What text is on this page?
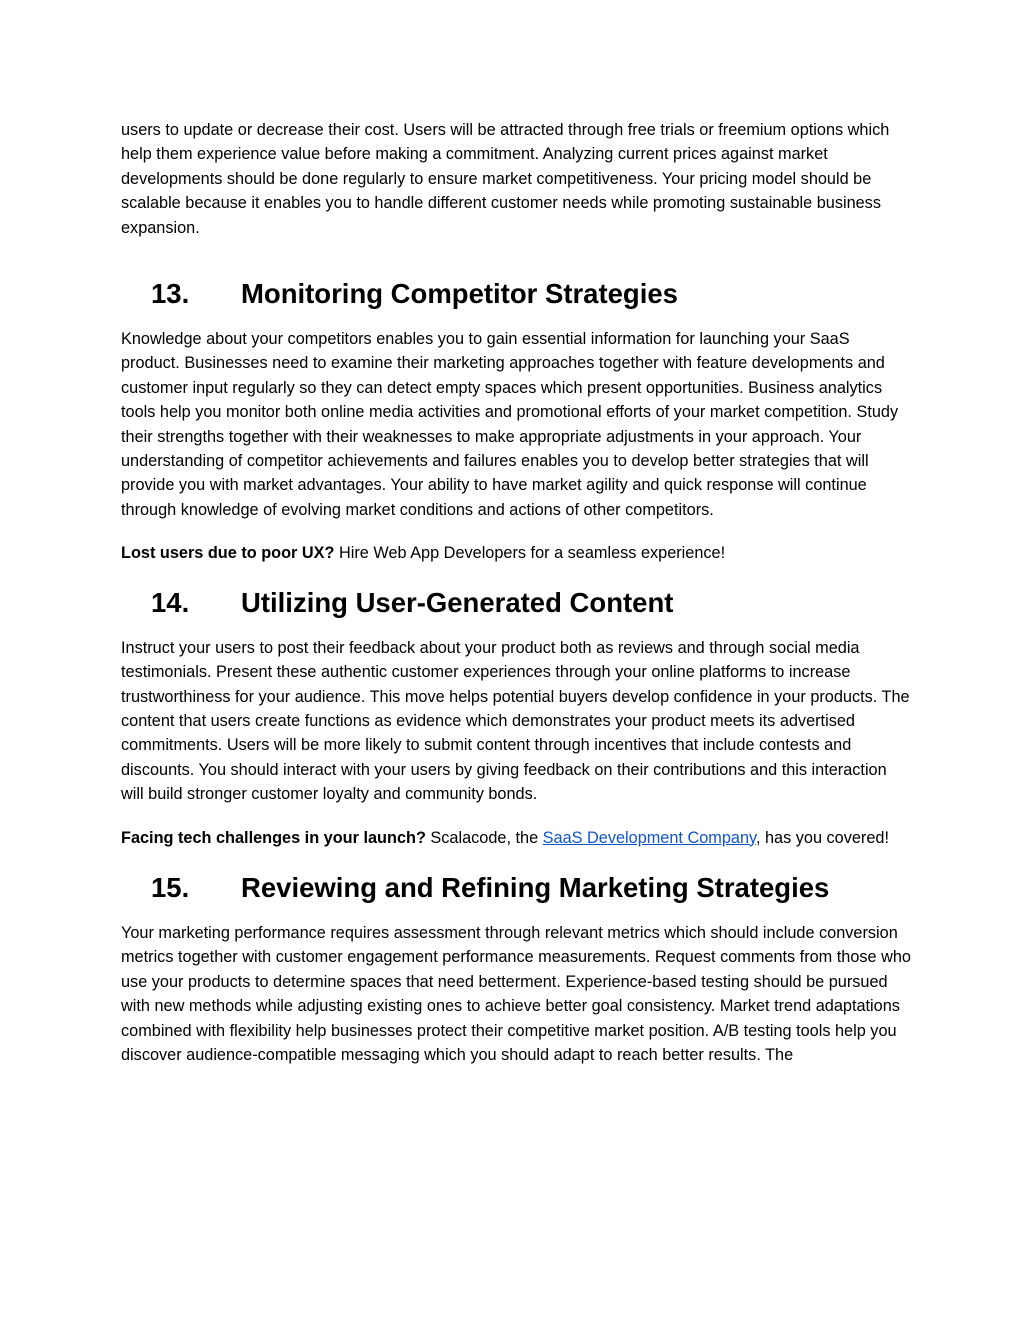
users to update or decrease their cost. Users will be attracted through free trials or freemium options which help them experience value before making a commitment. Analyzing current prices against market developments should be done regularly to ensure market competitiveness. Your pricing model should be scalable because it enables you to handle different customer needs while promoting sustainable business expansion.

13.	Monitoring Competitor Strategies

Knowledge about your competitors enables you to gain essential information for launching your SaaS product. Businesses need to examine their marketing approaches together with feature developments and customer input regularly so they can detect empty spaces which present opportunities. Business analytics tools help you monitor both online media activities and promotional efforts of your market competition. Study their strengths together with their weaknesses to make appropriate adjustments in your approach. Your understanding of competitor achievements and failures enables you to develop better strategies that will provide you with market advantages. Your ability to have market agility and quick response will continue through knowledge of evolving market conditions and actions of other competitors.

Lost users due to poor UX? Hire Web App Developers for a seamless experience!

14.	Utilizing User-Generated Content

Instruct your users to post their feedback about your product both as reviews and through social media testimonials. Present these authentic customer experiences through your online platforms to increase trustworthiness for your audience. This move helps potential buyers develop confidence in your products. The content that users create functions as evidence which demonstrates your product meets its advertised commitments. Users will be more likely to submit content through incentives that include contests and discounts. You should interact with your users by giving feedback on their contributions and this interaction will build stronger customer loyalty and community bonds.

Facing tech challenges in your launch? Scalacode, the SaaS Development Company, has you covered!

15.	Reviewing and Refining Marketing Strategies

Your marketing performance requires assessment through relevant metrics which should include conversion metrics together with customer engagement performance measurements. Request comments from those who use your products to determine spaces that need betterment. Experience-based testing should be pursued with new methods while adjusting existing ones to achieve better goal consistency. Market trend adaptations combined with flexibility help businesses protect their competitive market position. A/B testing tools help you discover audience-compatible messaging which you should adapt to reach better results. The
